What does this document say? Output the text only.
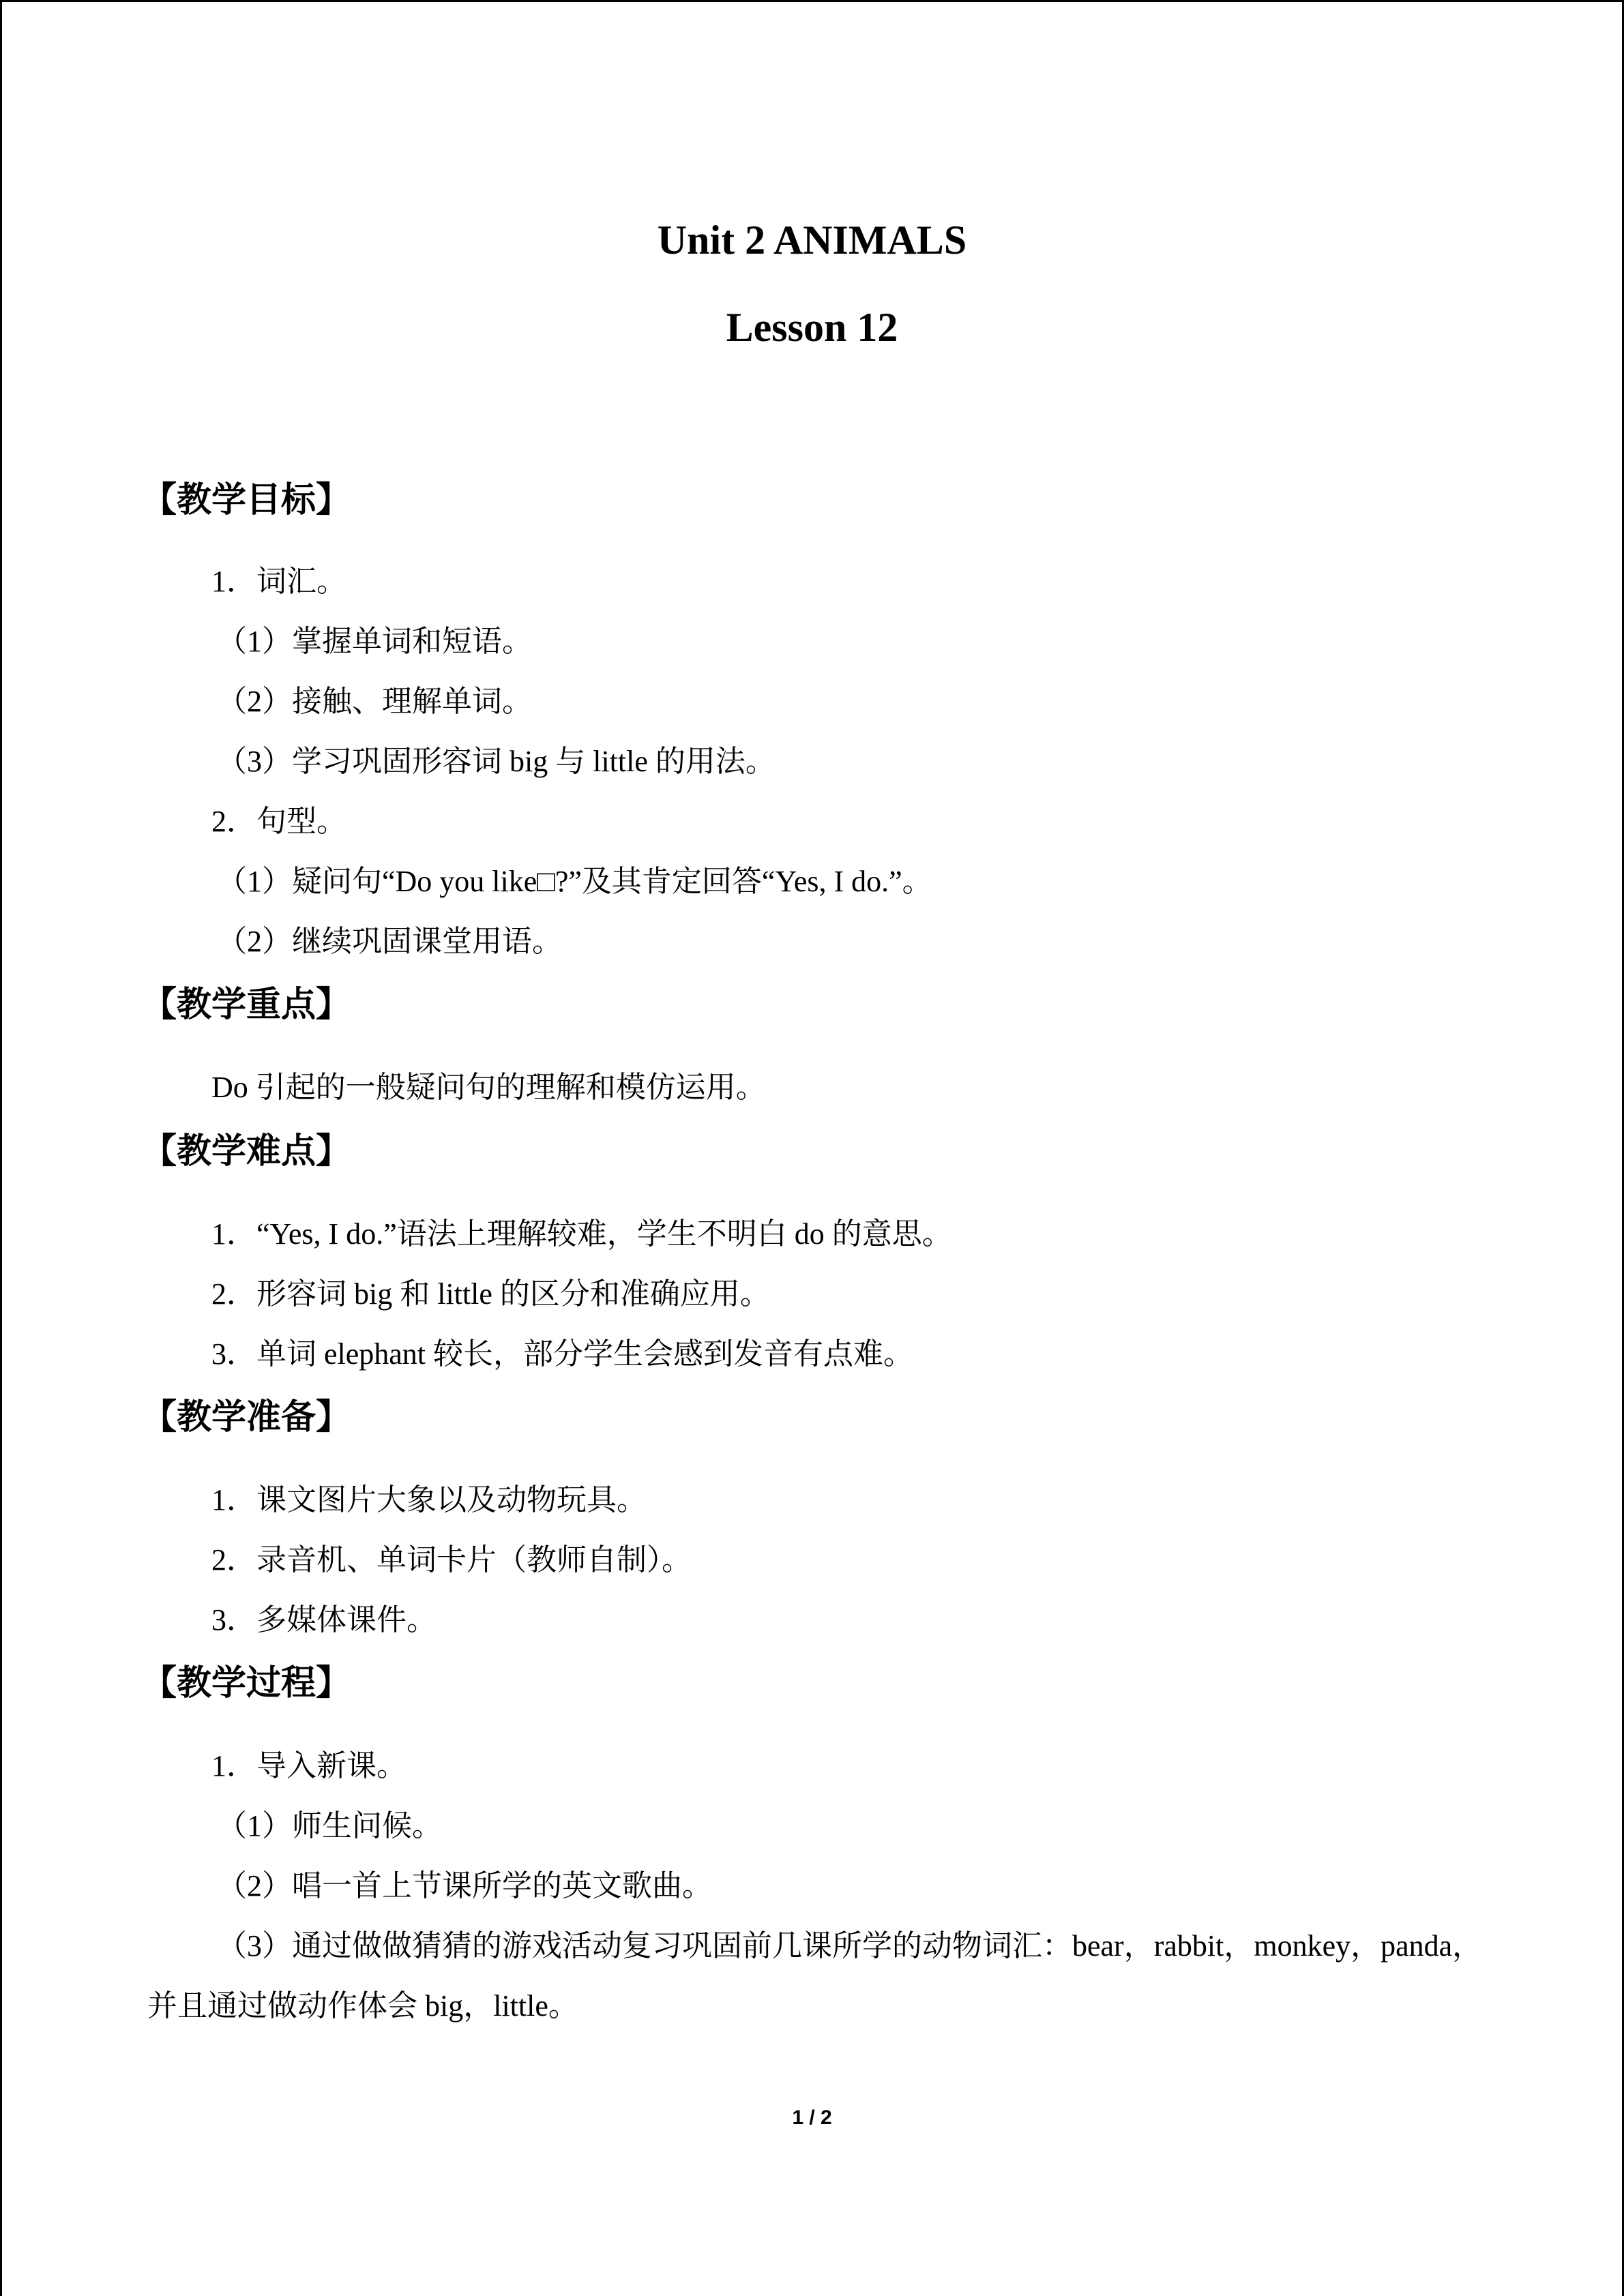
Unit 2 ANIMALS
Lesson 12
【教学目标】

1．词汇。

（1）掌握单词和短语。

（2）接触、理解单词。

（3）学习巩固形容词 big 与 little 的用法。

2．句型。

（1）疑问句“Do you like□?”及其肯定回答“Yes, I do.”。

（2）继续巩固课堂用语。

【教学重点】

Do 引起的一般疑问句的理解和模仿运用。

【教学难点】

1．“Yes, I do.”语法上理解较难，学生不明白 do 的意思。

2．形容词 big 和 little 的区分和准确应用。

3．单词 elephant 较长，部分学生会感到发音有点难。

【教学准备】

1．课文图片大象以及动物玩具。

2．录音机、单词卡片（教师自制）。

3．多媒体课件。

【教学过程】

1．导入新课。

（1）师生问候。

（2）唱一首上节课所学的英文歌曲。

（3）通过做做猜猜的游戏活动复习巩固前几课所学的动物词汇：bear，rabbit，monkey，panda，并且通过做动作体会 big，little。

1 / 2
